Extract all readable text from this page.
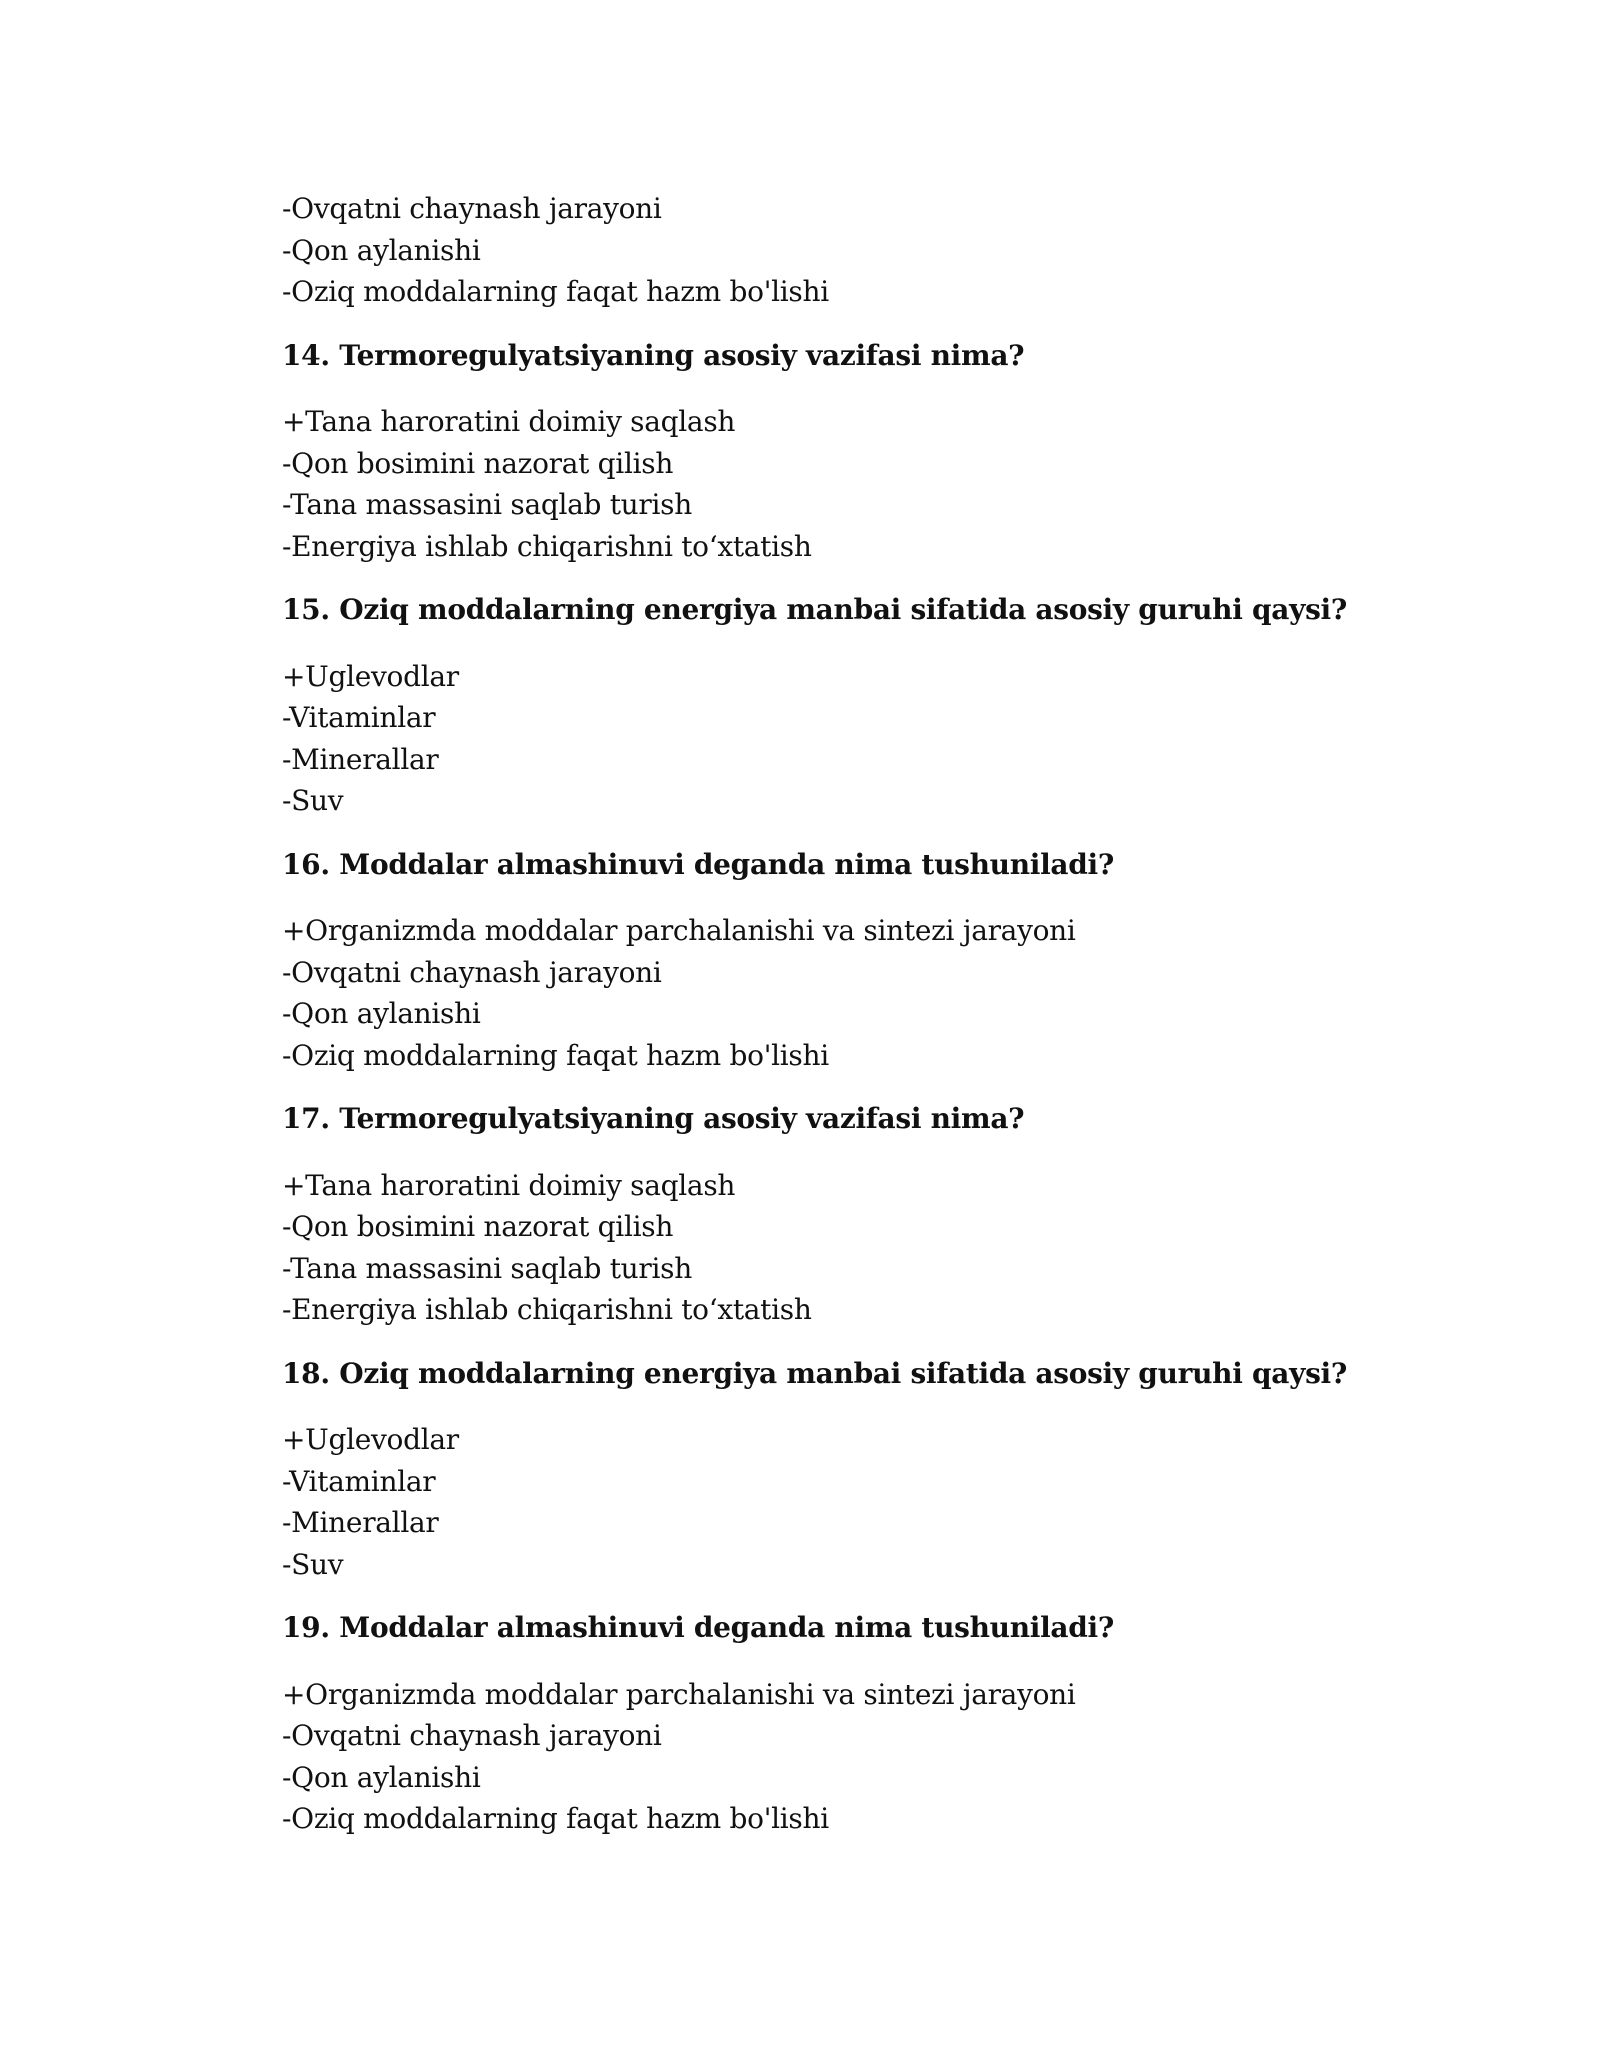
-Ovqatni chaynash jarayoni
-Qon aylanishi
-Oziq moddalarning faqat hazm bo'lishi
14. Termoregulyatsiyaning asosiy vazifasi nima?
+Tana haroratini doimiy saqlash
-Qon bosimini nazorat qilish
-Tana massasini saqlab turish
-Energiya ishlab chiqarishni to‘xtatish
15. Oziq moddalarning energiya manbai sifatida asosiy guruhi qaysi?
+Uglevodlar
-Vitaminlar
-Minerallar
-Suv
16. Moddalar almashinuvi deganda nima tushuniladi?
+Organizmda moddalar parchalanishi va sintezi jarayoni
-Ovqatni chaynash jarayoni
-Qon aylanishi
-Oziq moddalarning faqat hazm bo'lishi
17. Termoregulyatsiyaning asosiy vazifasi nima?
+Tana haroratini doimiy saqlash
-Qon bosimini nazorat qilish
-Tana massasini saqlab turish
-Energiya ishlab chiqarishni to‘xtatish
18. Oziq moddalarning energiya manbai sifatida asosiy guruhi qaysi?
+Uglevodlar
-Vitaminlar
-Minerallar
-Suv
19. Moddalar almashinuvi deganda nima tushuniladi?
+Organizmda moddalar parchalanishi va sintezi jarayoni
-Ovqatni chaynash jarayoni
-Qon aylanishi
-Oziq moddalarning faqat hazm bo'lishi
